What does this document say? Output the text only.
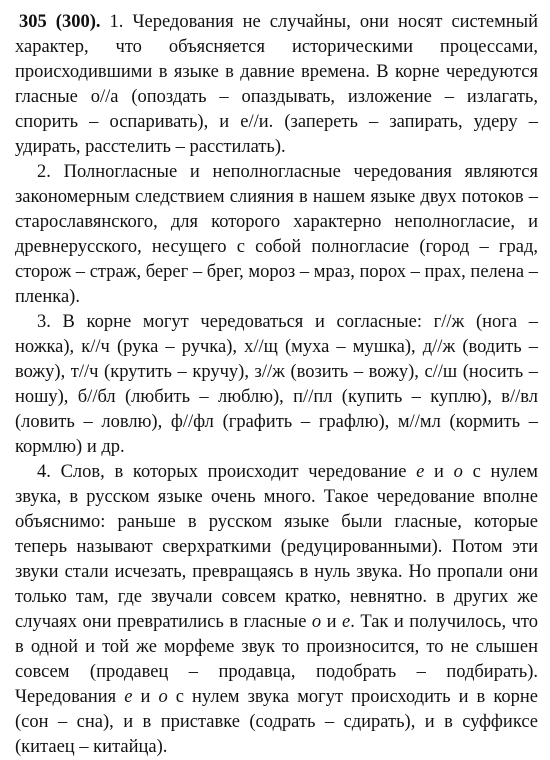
305 (300). 1. Чередования не случайны, они носят системный характер, что объясняется историческими процессами, происходившими в языке в давние времена. В корне чередуются гласные о//а (опоздать – опаздывать, изложение – излагать, спорить – оспаривать), и е//и. (запереть – запирать, удеру – удирать, расстелить – расстилать).

2. Полногласные и неполногласные чередования являются закономерным следствием слияния в нашем языке двух потоков – старославянского, для которого характерно неполногласие, и древнерусского, несущего с собой полногласие (город – град, сторож – страж, берег – брег, мороз – мраз, порох – прах, пелена – пленка).

3. В корне могут чередоваться и согласные: г//ж (нога – ножка), к//ч (рука – ручка), х//щ (муха – мушка), д//ж (водить – вожу), т//ч (крутить – кручу), з//ж (возить – вожу), с//ш (носить – ношу), б//бл (любить – люблю), п//пл (купить – куплю), в//вл (ловить – ловлю), ф//фл (графить – графлю), м//мл (кормить – кормлю) и др.

4. Слов, в которых происходит чередование е и о с нулем звука, в русском языке очень много. Такое чередование вполне объяснимо: раньше в русском языке были гласные, которые теперь называют сверхраткими (редуцированными). Потом эти звуки стали исчезать, превращаясь в нуль звука. Но пропали они только там, где звучали совсем кратко, невнятно. в других же случаях они превратились в гласные о и е. Так и получилось, что в одной и той же морфеме звук то произносится, то не слышен совсем (продавец – продавца, подобрать – подбирать). Чередования е и о с нулем звука могут происходить и в корне (сон – сна), и в приставке (содрать – сдирать), и в суффиксе (китаец – китайца).
